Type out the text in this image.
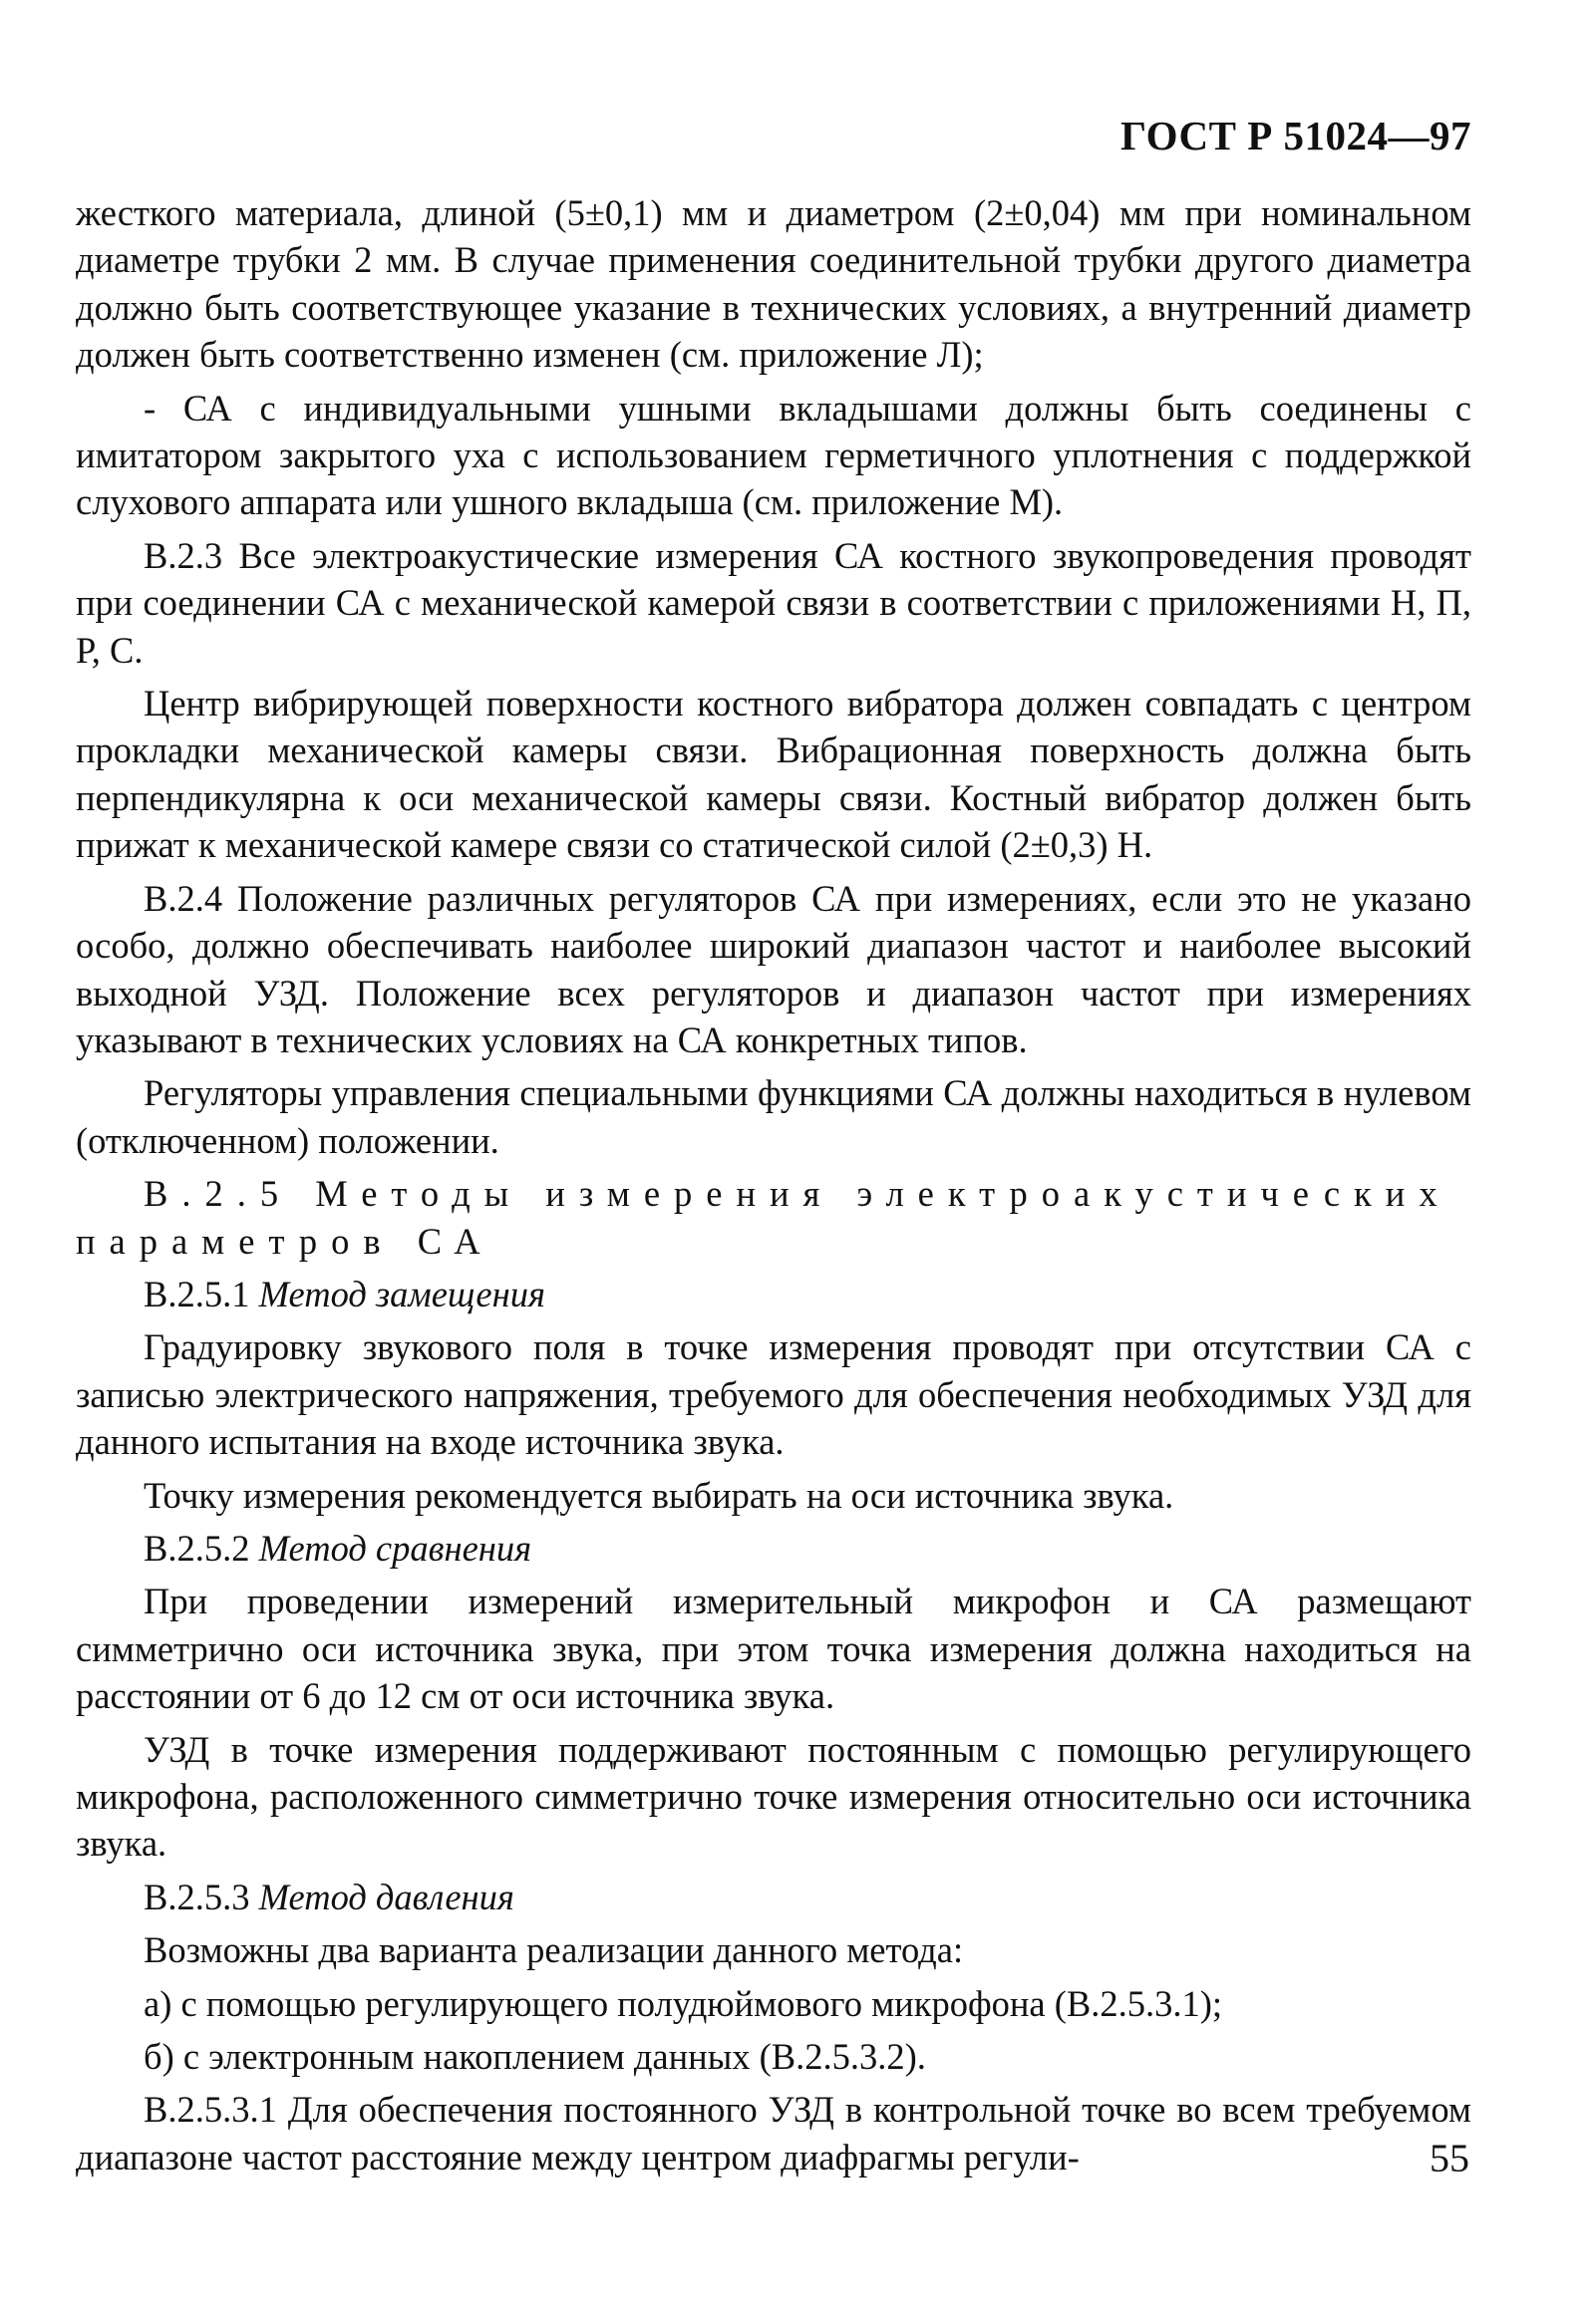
ГОСТ Р 51024—97

жесткого материала, длиной (5±0,1) мм и диаметром (2±0,04) мм при номинальном диаметре трубки 2 мм. В случае применения соединительной трубки другого диаметра должно быть соответствующее указание в технических условиях, а внутренний диаметр должен быть соответственно изменен (см. приложение Л);

- СА с индивидуальными ушными вкладышами должны быть соединены с имитатором закрытого уха с использованием герметичного уплотнения с поддержкой слухового аппарата или ушного вкладыша (см. приложение М).

В.2.3 Все электроакустические измерения СА костного звукопроведения проводят при соединении СА с механической камерой связи в соответствии с приложениями Н, П, Р, С.

Центр вибрирующей поверхности костного вибратора должен совпадать с центром прокладки механической камеры связи. Вибрационная поверхность должна быть перпендикулярна к оси механической камеры связи. Костный вибратор должен быть прижат к механической камере связи со статической силой (2±0,3) Н.

В.2.4 Положение различных регуляторов СА при измерениях, если это не указано особо, должно обеспечивать наиболее широкий диапазон частот и наиболее высокий выходной УЗД. Положение всех регуляторов и диапазон частот при измерениях указывают в технических условиях на СА конкретных типов.

Регуляторы управления специальными функциями СА должны находиться в нулевом (отключенном) положении.

В.2.5 Методы измерения электроакустических параметров СА

В.2.5.1 Метод замещения

Градуировку звукового поля в точке измерения проводят при отсутствии СА с записью электрического напряжения, требуемого для обеспечения необходимых УЗД для данного испытания на входе источника звука.

Точку измерения рекомендуется выбирать на оси источника звука.

В.2.5.2 Метод сравнения

При проведении измерений измерительный микрофон и СА размещают симметрично оси источника звука, при этом точка измерения должна находиться на расстоянии от 6 до 12 см от оси источника звука.

УЗД в точке измерения поддерживают постоянным с помощью регулирующего микрофона, расположенного симметрично точке измерения относительно оси источника звука.

В.2.5.3 Метод давления

Возможны два варианта реализации данного метода:

а) с помощью регулирующего полудюймового микрофона (В.2.5.3.1);

б) с электронным накоплением данных (В.2.5.3.2).

В.2.5.3.1 Для обеспечения постоянного УЗД в контрольной точке во всем требуемом диапазоне частот расстояние между центром диафрагмы регули-	55
